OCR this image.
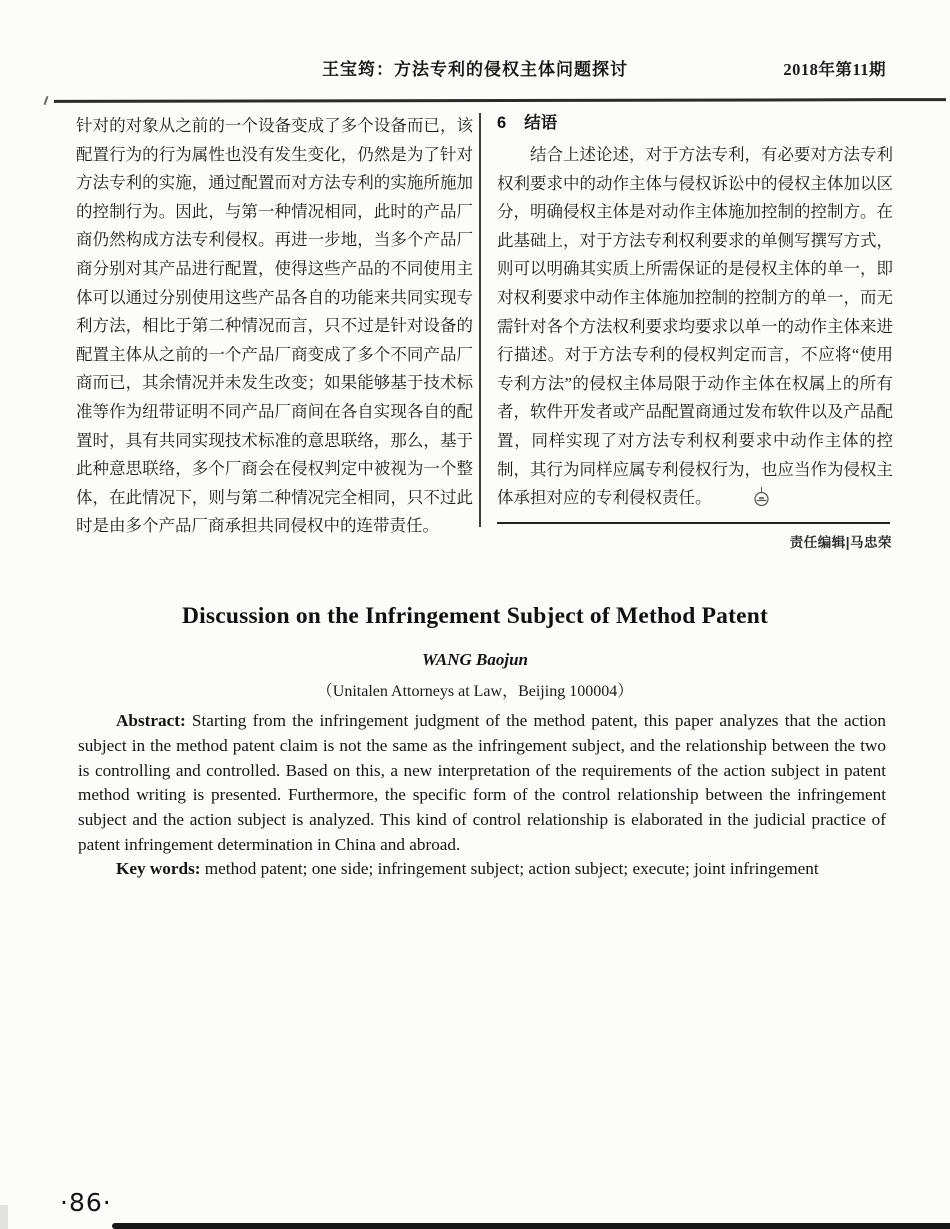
王宝筠：方法专利的侵权主体问题探讨	2018年第11期

针对的对象从之前的一个设备变成了多个设备而已，该配置行为的行为属性也没有发生变化，仍然是为了针对方法专利的实施，通过配置而对方法专利的实施所施加的控制行为。因此，与第一种情况相同，此时的产品厂商仍然构成方法专利侵权。再进一步地，当多个产品厂商分别对其产品进行配置，使得这些产品的不同使用主体可以通过分别使用这些产品各自的功能来共同实现专利方法，相比于第二种情况而言，只不过是针对设备的配置主体从之前的一个产品厂商变成了多个不同产品厂商而已，其余情况并未发生改变；如果能够基于技术标准等作为纽带证明不同产品厂商间在各自实现各自的配置时，具有共同实现技术标准的意思联络，那么，基于此种意思联络，多个厂商会在侵权判定中被视为一个整体，在此情况下，则与第二种情况完全相同，只不过此时是由多个产品厂商承担共同侵权中的连带责任。

6 结语

结合上述论述，对于方法专利，有必要对方法专利权利要求中的动作主体与侵权诉讼中的侵权主体加以区分，明确侵权主体是对动作主体施加控制的控制方。在此基础上，对于方法专利权利要求的单侧写撰写方式，则可以明确其实质上所需保证的是侵权主体的单一，即对权利要求中动作主体施加控制的控制方的单一，而无需针对各个方法权利要求均要求以单一的动作主体来进行描述。对于方法专利的侵权判定而言，不应将“使用专利方法”的侵权主体局限于动作主体在权属上的所有者，软件开发者或产品配置商通过发布软件以及产品配置，同样实现了对方法专利权利要求中动作主体的控制，其行为同样应属专利侵权行为，也应当作为侵权主体承担对应的专利侵权责任。

责任编辑|马忠荣
Discussion on the Infringement Subject of Method Patent
WANG Baojun
（Unitalen Attorneys at Law，Beijing 100004）

Abstract: Starting from the infringement judgment of the method patent, this paper analyzes that the action subject in the method patent claim is not the same as the infringement subject, and the relationship between the two is controlling and controlled. Based on this, a new interpretation of the requirements of the action subject in patent method writing is presented. Furthermore, the specific form of the control relationship between the infringement subject and the action subject is analyzed. This kind of control relationship is elaborated in the judicial practice of patent infringement determination in China and abroad.

Key words: method patent; one side; infringement subject; action subject; execute; joint infringement

·86·
